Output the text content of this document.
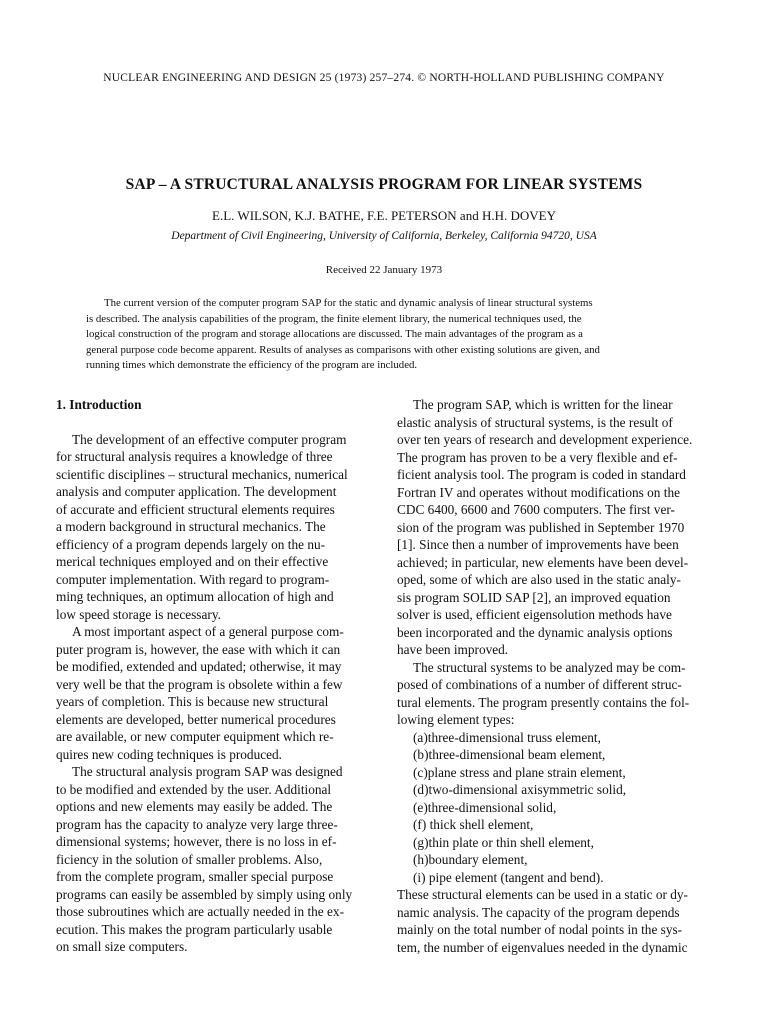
NUCLEAR ENGINEERING AND DESIGN 25 (1973) 257–274. © NORTH-HOLLAND PUBLISHING COMPANY
SAP – A STRUCTURAL ANALYSIS PROGRAM FOR LINEAR SYSTEMS
E.L. WILSON, K.J. BATHE, F.E. PETERSON and H.H. DOVEY
Department of Civil Engineering, University of California, Berkeley, California 94720, USA
Received 22 January 1973
The current version of the computer program SAP for the static and dynamic analysis of linear structural systems
is described. The analysis capabilities of the program, the finite element library, the numerical techniques used, the
logical construction of the program and storage allocations are discussed. The main advantages of the program as a
general purpose code become apparent. Results of analyses as comparisons with other existing solutions are given, and
running times which demonstrate the efficiency of the program are included.
1. Introduction
The development of an effective computer program
for structural analysis requires a knowledge of three
scientific disciplines – structural mechanics, numerical
analysis and computer application. The development
of accurate and efficient structural elements requires
a modern background in structural mechanics. The
efficiency of a program depends largely on the nu-
merical techniques employed and on their effective
computer implementation. With regard to program-
ming techniques, an optimum allocation of high and
low speed storage is necessary.
A most important aspect of a general purpose com-
puter program is, however, the ease with which it can
be modified, extended and updated; otherwise, it may
very well be that the program is obsolete within a few
years of completion. This is because new structural
elements are developed, better numerical procedures
are available, or new computer equipment which re-
quires new coding techniques is produced.
The structural analysis program SAP was designed
to be modified and extended by the user. Additional
options and new elements may easily be added. The
program has the capacity to analyze very large three-
dimensional systems; however, there is no loss in ef-
ficiency in the solution of smaller problems. Also,
from the complete program, smaller special purpose
programs can easily be assembled by simply using only
those subroutines which are actually needed in the ex-
ecution. This makes the program particularly usable
on small size computers.
The program SAP, which is written for the linear
elastic analysis of structural systems, is the result of
over ten years of research and development experience.
The program has proven to be a very flexible and ef-
ficient analysis tool. The program is coded in standard
Fortran IV and operates without modifications on the
CDC 6400, 6600 and 7600 computers. The first ver-
sion of the program was published in September 1970
[1]. Since then a number of improvements have been
achieved; in particular, new elements have been devel-
oped, some of which are also used in the static analy-
sis program SOLID SAP [2], an improved equation
solver is used, efficient eigensolution methods have
been incorporated and the dynamic analysis options
have been improved.
The structural systems to be analyzed may be com-
posed of combinations of a number of different struc-
tural elements. The program presently contains the fol-
lowing element types:
(a)three-dimensional truss element,
(b)three-dimensional beam element,
(c)plane stress and plane strain element,
(d)two-dimensional axisymmetric solid,
(e)three-dimensional solid,
(f) thick shell element,
(g)thin plate or thin shell element,
(h)boundary element,
(i) pipe element (tangent and bend).
These structural elements can be used in a static or dy-
namic analysis. The capacity of the program depends
mainly on the total number of nodal points in the sys-
tem, the number of eigenvalues needed in the dynamic
